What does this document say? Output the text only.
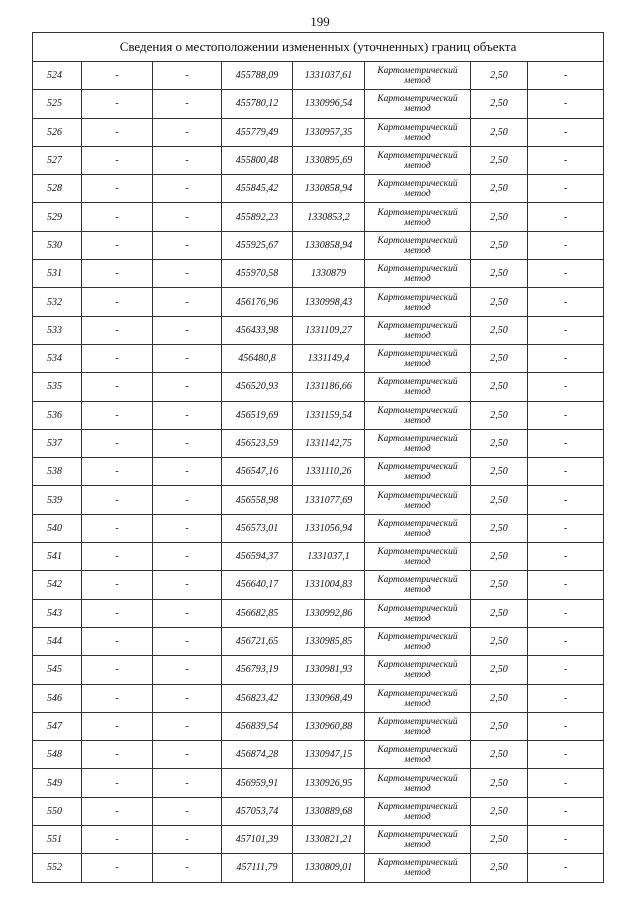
199
Сведения о местоположении измененных (уточненных) границ объекта							
524	-	-	455788,09	1331037,61	Картометрический метод	2,50	-
525	-	-	455780,12	1330996,54	Картометрический метод	2,50	-
526	-	-	455779,49	1330957,35	Картометрический метод	2,50	-
527	-	-	455800,48	1330895,69	Картометрический метод	2,50	-
528	-	-	455845,42	1330858,94	Картометрический метод	2,50	-
529	-	-	455892,23	1330853,2	Картометрический метод	2,50	-
530	-	-	455925,67	1330858,94	Картометрический метод	2,50	-
531	-	-	455970,58	1330879	Картометрический метод	2,50	-
532	-	-	456176,96	1330998,43	Картометрический метод	2,50	-
533	-	-	456433,98	1331109,27	Картометрический метод	2,50	-
534	-	-	456480,8	1331149,4	Картометрический метод	2,50	-
535	-	-	456520,93	1331186,66	Картометрический метод	2,50	-
536	-	-	456519,69	1331159,54	Картометрический метод	2,50	-
537	-	-	456523,59	1331142,75	Картометрический метод	2,50	-
538	-	-	456547,16	1331110,26	Картометрический метод	2,50	-
539	-	-	456558,98	1331077,69	Картометрический метод	2,50	-
540	-	-	456573,01	1331056,94	Картометрический метод	2,50	-
541	-	-	456594,37	1331037,1	Картометрический метод	2,50	-
542	-	-	456640,17	1331004,83	Картометрический метод	2,50	-
543	-	-	456682,85	1330992,86	Картометрический метод	2,50	-
544	-	-	456721,65	1330985,85	Картометрический метод	2,50	-
545	-	-	456793,19	1330981,93	Картометрический метод	2,50	-
546	-	-	456823,42	1330968,49	Картометрический метод	2,50	-
547	-	-	456839,54	1330960,88	Картометрический метод	2,50	-
548	-	-	456874,28	1330947,15	Картометрический метод	2,50	-
549	-	-	456959,91	1330926,95	Картометрический метод	2,50	-
550	-	-	457053,74	1330889,68	Картометрический метод	2,50	-
551	-	-	457101,39	1330821,21	Картометрический метод	2,50	-
552	-	-	457111,79	1330809,01	Картометрический метод	2,50	-
